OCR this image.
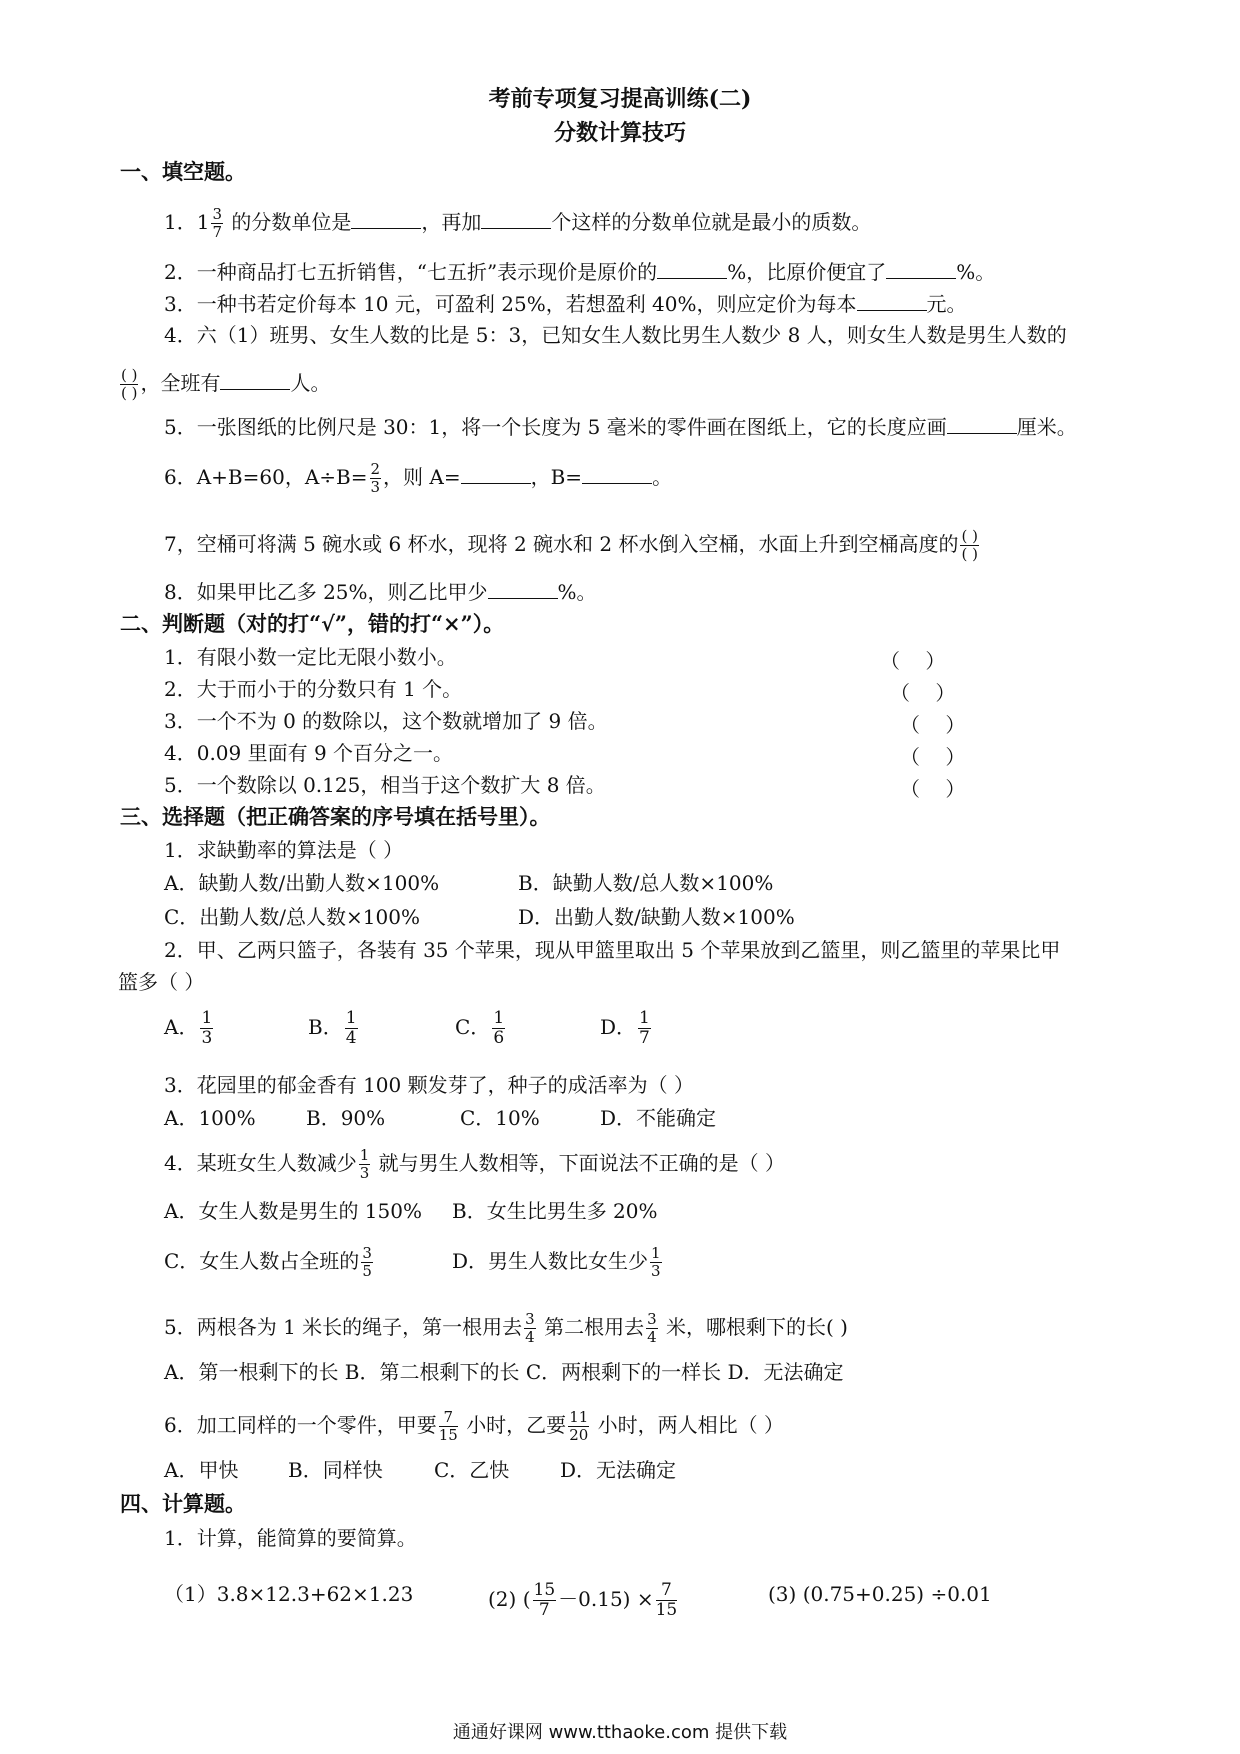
考前专项复习提高训练(二)
分数计算技巧
一、填空题。
1．$1 \frac{3}{7}$ 的分数单位是	，再加	个这样的分数单位就是最小的质数。
2．一种商品打七五折销售，“七五折”表示现价是原价的	%，比原价便宜了	%。
3．一种书若定价每本 10 元，可盈利 25%，若想盈利 40%，则应定价为每本	元。
4．六（1）班男、女生人数的比是 5：3，已知女生人数比男生人数少 8 人，则女生人数是男生人数的
$\frac{( )}{( )}$ ，全班有	人。
5．一张图纸的比例尺是 30：1，将一个长度为 5 毫米的零件画在图纸上，它的长度应画	厘米。
6．A+B=60，$A\div B= \frac{2}{3}$ ，则 A=	，B=	。
7，空桶可将满 5 碗水或 6 杯水，现将 2 碗水和 2 杯水倒入空桶，水面上升到空桶高度的 $\frac{( )}{( )}$
8．如果甲比乙多 25%，则乙比甲少	%。
二、判断题（对的打“√”，错的打“×”）。
1．有限小数一定比无限小数小。	（    ）
2．大于而小于的分数只有 1 个。	（    ）
3．一个不为 0 的数除以，这个数就增加了 9 倍。	（    ）
4．0.09 里面有 9 个百分之一。	（    ）
5．一个数除以 0.125，相当于这个数扩大 8 倍。	（    ）
三、选择题（把正确答案的序号填在括号里）。
1．求缺勤率的算法是（ ）
A．缺勤人数/出勤人数×100%	B．缺勤人数/总人数×100%
C．出勤人数/总人数×100%	D．出勤人数/缺勤人数×100%
2．甲、乙两只篮子，各装有 35 个苹果，现从甲篮里取出 5 个苹果放到乙篮里，则乙篮里的苹果比甲
篮多（ ）
A． $\frac{1}{3}$	B． $\frac{1}{4}$	C． $\frac{1}{6}$	D． $\frac{1}{7}$
3．花园里的郁金香有 100 颗发芽了，种子的成活率为（ ）
A．100%	B．90%	C．10%	D．不能确定
4．某班女生人数减少 $\frac{1}{3}$ 就与男生人数相等，下面说法不正确的是（ ）
A．女生人数是男生的 150% B．女生比男生多 20%
C．女生人数占全班的 $\frac{3}{5}$	D．男生人数比女生少 $\frac{1}{3}$
5．两根各为 1 米长的绳子，第一根用去 $\frac{3}{4}$ 第二根用去 $\frac{3}{4}$ 米，哪根剩下的长( )
A．第一根剩下的长 B．第二根剩下的长 C．两根剩下的一样长 D．无法确定
6．加工同样的一个零件，甲要 $\frac{7}{15}$ 小时，乙要 $\frac{11}{20}$ 小时，两人相比（ ）
A．甲快 B．同样快	C．乙快	D．无法确定
四、计算题。
1．计算，能简算的要简算。
（1）3.8×12.3+62×1.23	(2) ( $\frac{15}{7} -0.15) \times \frac{7}{15}$	(3) (0.75+0.25) ÷0.01
通通好课网 www.tthaoke.com 提供下载
